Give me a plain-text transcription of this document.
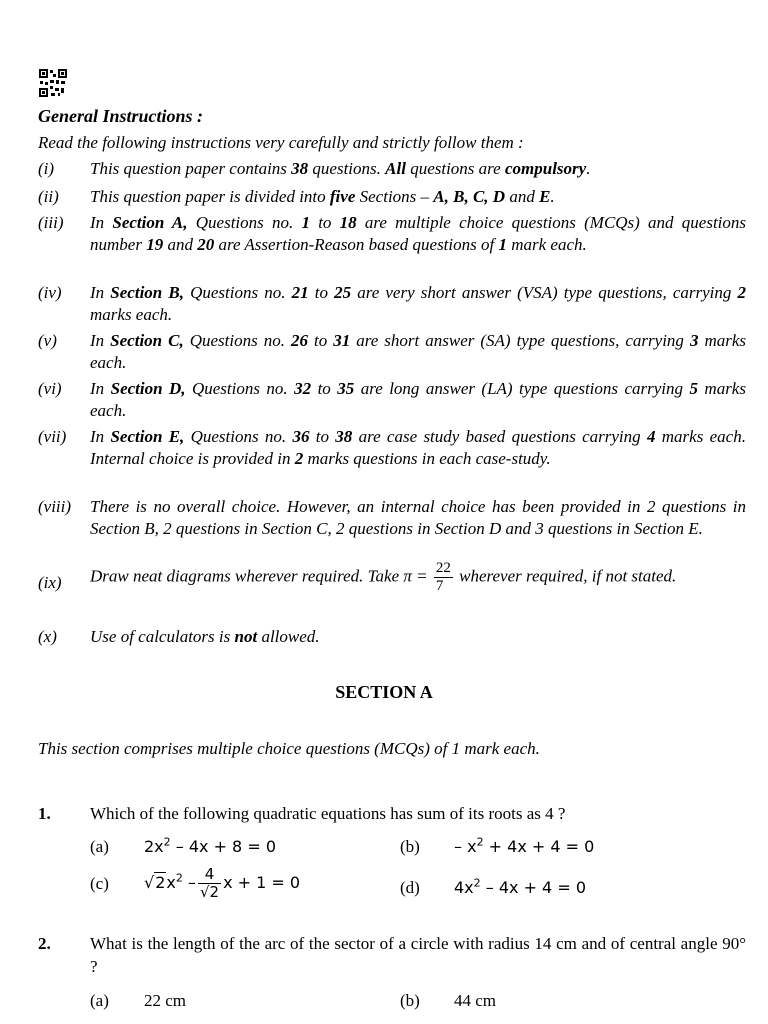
General Instructions :

Read the following instructions very carefully and strictly follow them :

(i)	This question paper contains 38 questions. All questions are compulsory.
(ii)	This question paper is divided into five Sections – A, B, C, D and E.
(iii)	In Section A, Questions no. 1 to 18 are multiple choice questions (MCQs) and questions number 19 and 20 are Assertion-Reason based questions of 1 mark each.
(iv)	In Section B, Questions no. 21 to 25 are very short answer (VSA) type questions, carrying 2 marks each.
(v)	In Section C, Questions no. 26 to 31 are short answer (SA) type questions, carrying 3 marks each.
(vi)	In Section D, Questions no. 32 to 35 are long answer (LA) type questions carrying 5 marks each.
(vii)	In Section E, Questions no. 36 to 38 are case study based questions carrying 4 marks each. Internal choice is provided in 2 marks questions in each case-study.
(viii)	There is no overall choice. However, an internal choice has been provided in 2 questions in Section B, 2 questions in Section C, 2 questions in Section D and 3 questions in Section E.
(ix)	Draw neat diagrams wherever required. Take $\pi = \frac{22}{7}$ wherever required, if not stated.
(x)	Use of calculators is not allowed.

SECTION A

This section comprises multiple choice questions (MCQs) of 1 mark each.

1. Which of the following quadratic equations has sum of its roots as 4 ?
(a) $2x^2 - 4x + 8 = 0$	$(b) - x^2 + 4x + 4 = 0$
(c) $√2x^2 - \frac{4}{√2}$ x + 1 = 0	(d) $4x^2 - 4x + 4 = 0$
2. What is the length of the arc of the sector of a circle with radius 14 cm and of central angle 90° ?
(a) 22 cm	(b) 44 cm
